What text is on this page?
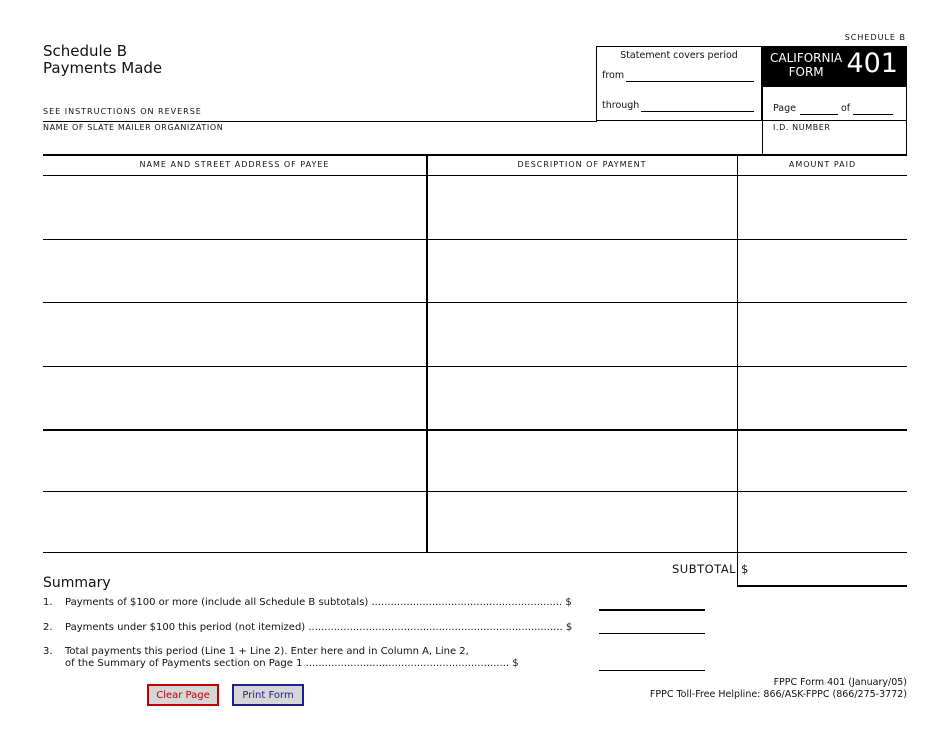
SCHEDULE B
Schedule B
Payments Made
SEE INSTRUCTIONS ON REVERSE
NAME OF SLATE MAILER ORGANIZATION
Statement covers period
from
through
CALIFORNIA
FORM 401
Page	of
I.D. NUMBER
NAME AND STREET ADDRESS OF PAYEE	DESCRIPTION OF PAYMENT	AMOUNT PAID
SUBTOTAL $
Summary
1. Payments of $100 or more (include all Schedule B subtotals) ............................................................ $
2. Payments under $100 this period (not itemized) ................................................................................ $
3. Total payments this period (Line 1 + Line 2). Enter here and in Column A, Line 2,
of the Summary of Payments section on Page 1 ................................................................ $
FPPC Form 401 (January/05)
FPPC Toll-Free Helpline: 866/ASK-FPPC (866/275-3772)
Clear Page	Print Form
